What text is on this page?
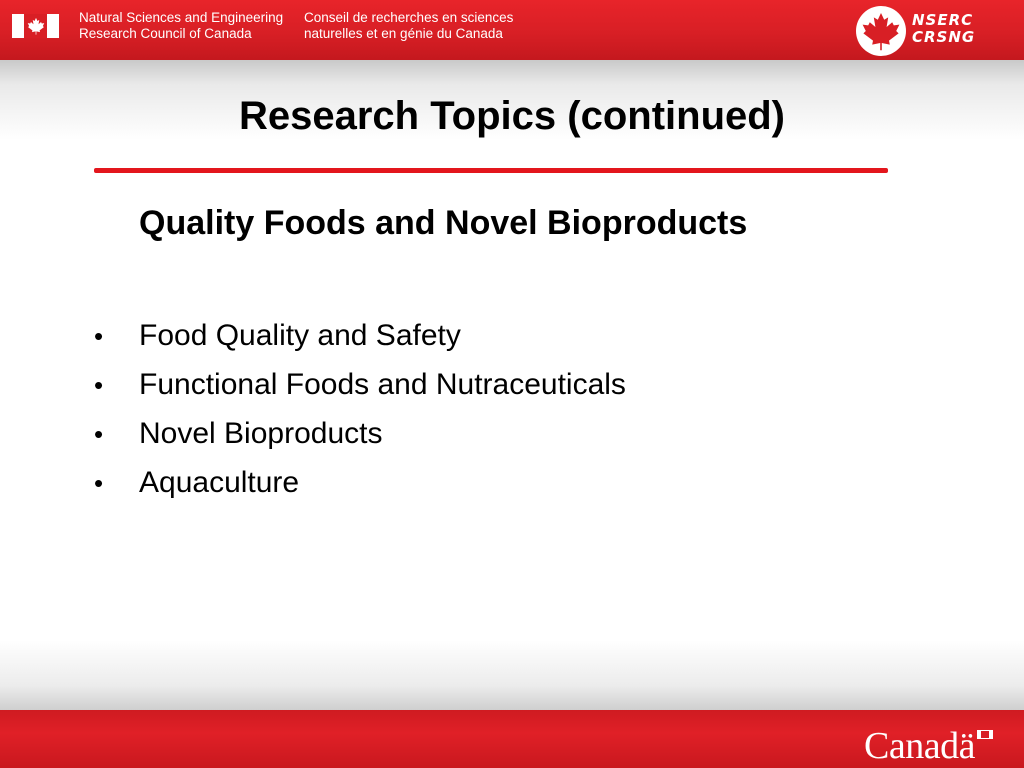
Natural Sciences and Engineering
Research Council of Canada
Conseil de recherches en sciences
naturelles et en génie du Canada
NSERC
CRSNG
Research Topics (continued)
Quality Foods and Novel Bioproducts
•	Food Quality and Safety
•	Functional Foods and Nutraceuticals
•	Novel Bioproducts
•	Aquaculture
Canadä
